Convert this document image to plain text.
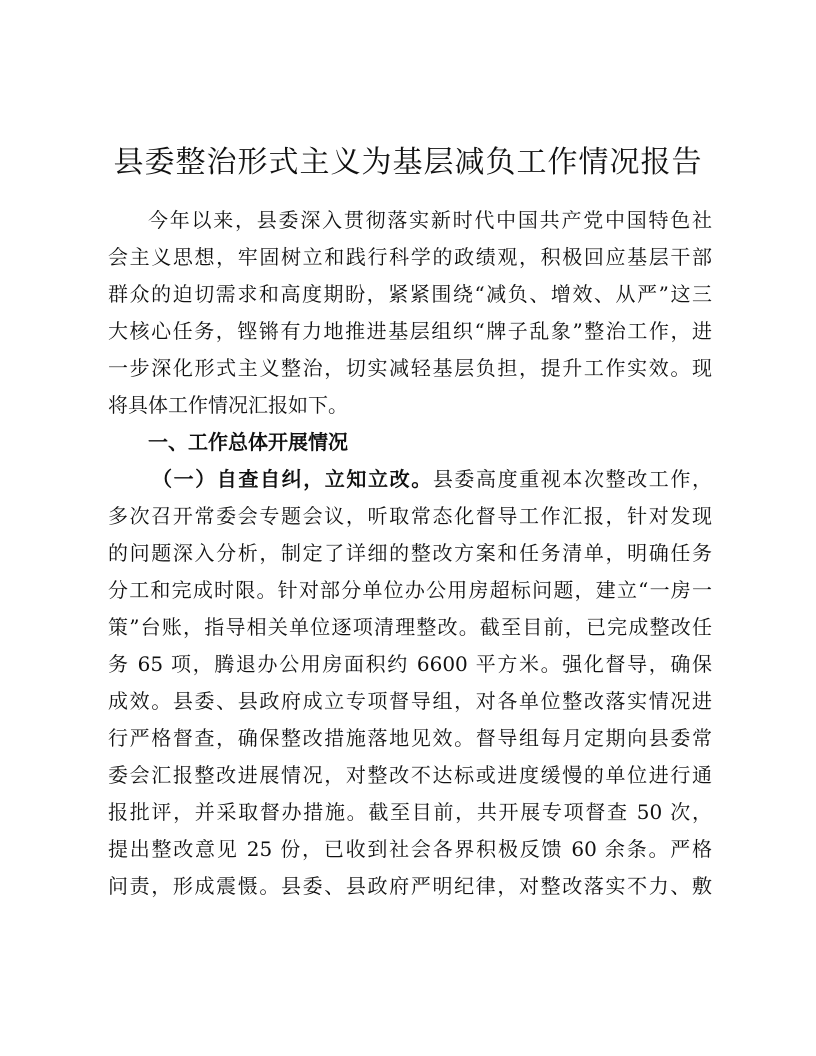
县委整治形式主义为基层减负工作情况报告
今年以来，县委深入贯彻落实新时代中国共产党中国特色社
会主义思想，牢固树立和践行科学的政绩观，积极回应基层干部
群众的迫切需求和高度期盼，紧紧围绕“减负、增效、从严”这三
大核心任务，铿锵有力地推进基层组织“牌子乱象”整治工作，进
一步深化形式主义整治，切实减轻基层负担，提升工作实效。现
将具体工作情况汇报如下。
一、工作总体开展情况
（一）自查自纠，立知立改。县委高度重视本次整改工作，
多次召开常委会专题会议，听取常态化督导工作汇报，针对发现
的问题深入分析，制定了详细的整改方案和任务清单，明确任务
分工和完成时限。针对部分单位办公用房超标问题，建立“一房一
策”台账，指导相关单位逐项清理整改。截至目前，已完成整改任
务 65 项，腾退办公用房面积约 6600 平方米。强化督导，确保
成效。县委、县政府成立专项督导组，对各单位整改落实情况进
行严格督查，确保整改措施落地见效。督导组每月定期向县委常
委会汇报整改进展情况，对整改不达标或进度缓慢的单位进行通
报批评，并采取督办措施。截至目前，共开展专项督查 50 次，
提出整改意见 25 份，已收到社会各界积极反馈 60 余条。严格
问责，形成震慑。县委、县政府严明纪律，对整改落实不力、敷
